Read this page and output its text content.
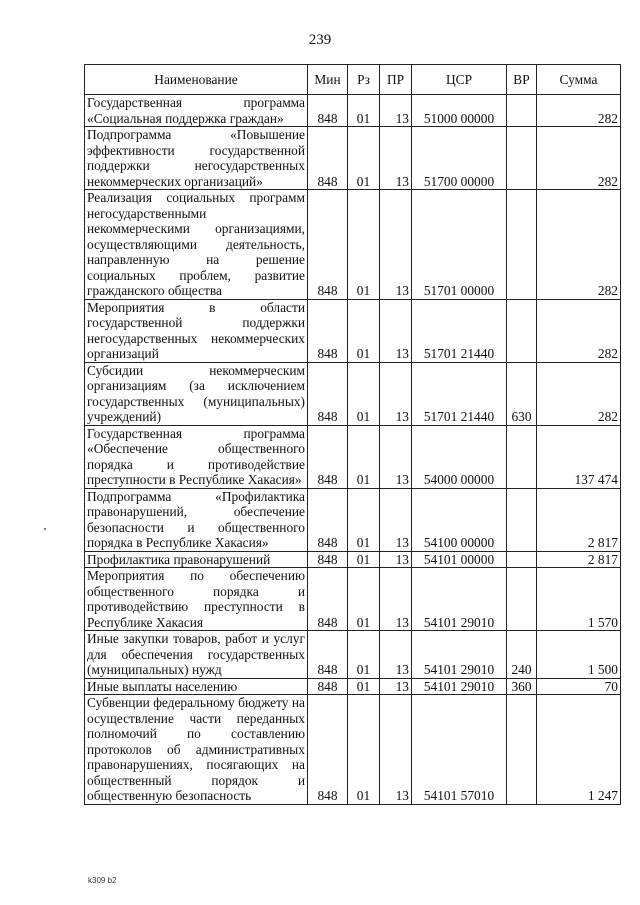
239
Наименование	Мин	Рз	ПР	ЦСР	ВР	Сумма
Государственная программа «Социальная поддержка граждан»	848	01	13	51000 00000		282
Подпрограмма «Повышение эффективности государственной поддержки негосударственных некоммерческих организаций»	848	01	13	51700 00000		282
Реализация социальных программ негосударственными некоммерческими организациями, осуществляющими деятельность, направленную на решение социальных проблем, развитие гражданского общества	848	01	13	51701 00000		282
Мероприятия в области государственной поддержки негосударственных некоммерческих организаций	848	01	13	51701 21440		282
Субсидии некоммерческим организациям (за исключением государственных (муниципальных) учреждений)	848	01	13	51701 21440	630	282
Государственная программа «Обеспечение общественного порядка и противодействие преступности в Республике Хакасия»	848	01	13	54000 00000		137 474
Подпрограмма «Профилактика правонарушений, обеспечение безопасности и общественного порядка в Республике Хакасия»	848	01	13	54100 00000		2 817
Профилактика правонарушений	848	01	13	54101 00000		2 817
Мероприятия по обеспечению общественного порядка и противодействию преступности в Республике Хакасия	848	01	13	54101 29010		1 570
Иные закупки товаров, работ и услуг для обеспечения государственных (муниципальных) нужд	848	01	13	54101 29010	240	1 500
Иные выплаты населению	848	01	13	54101 29010	360	70
Субвенции федеральному бюджету на осуществление части переданных полномочий по составлению протоколов об административных правонарушениях, посягающих на общественный порядок и общественную безопасность	848	01	13	54101 57010		1 247
k309 b2
